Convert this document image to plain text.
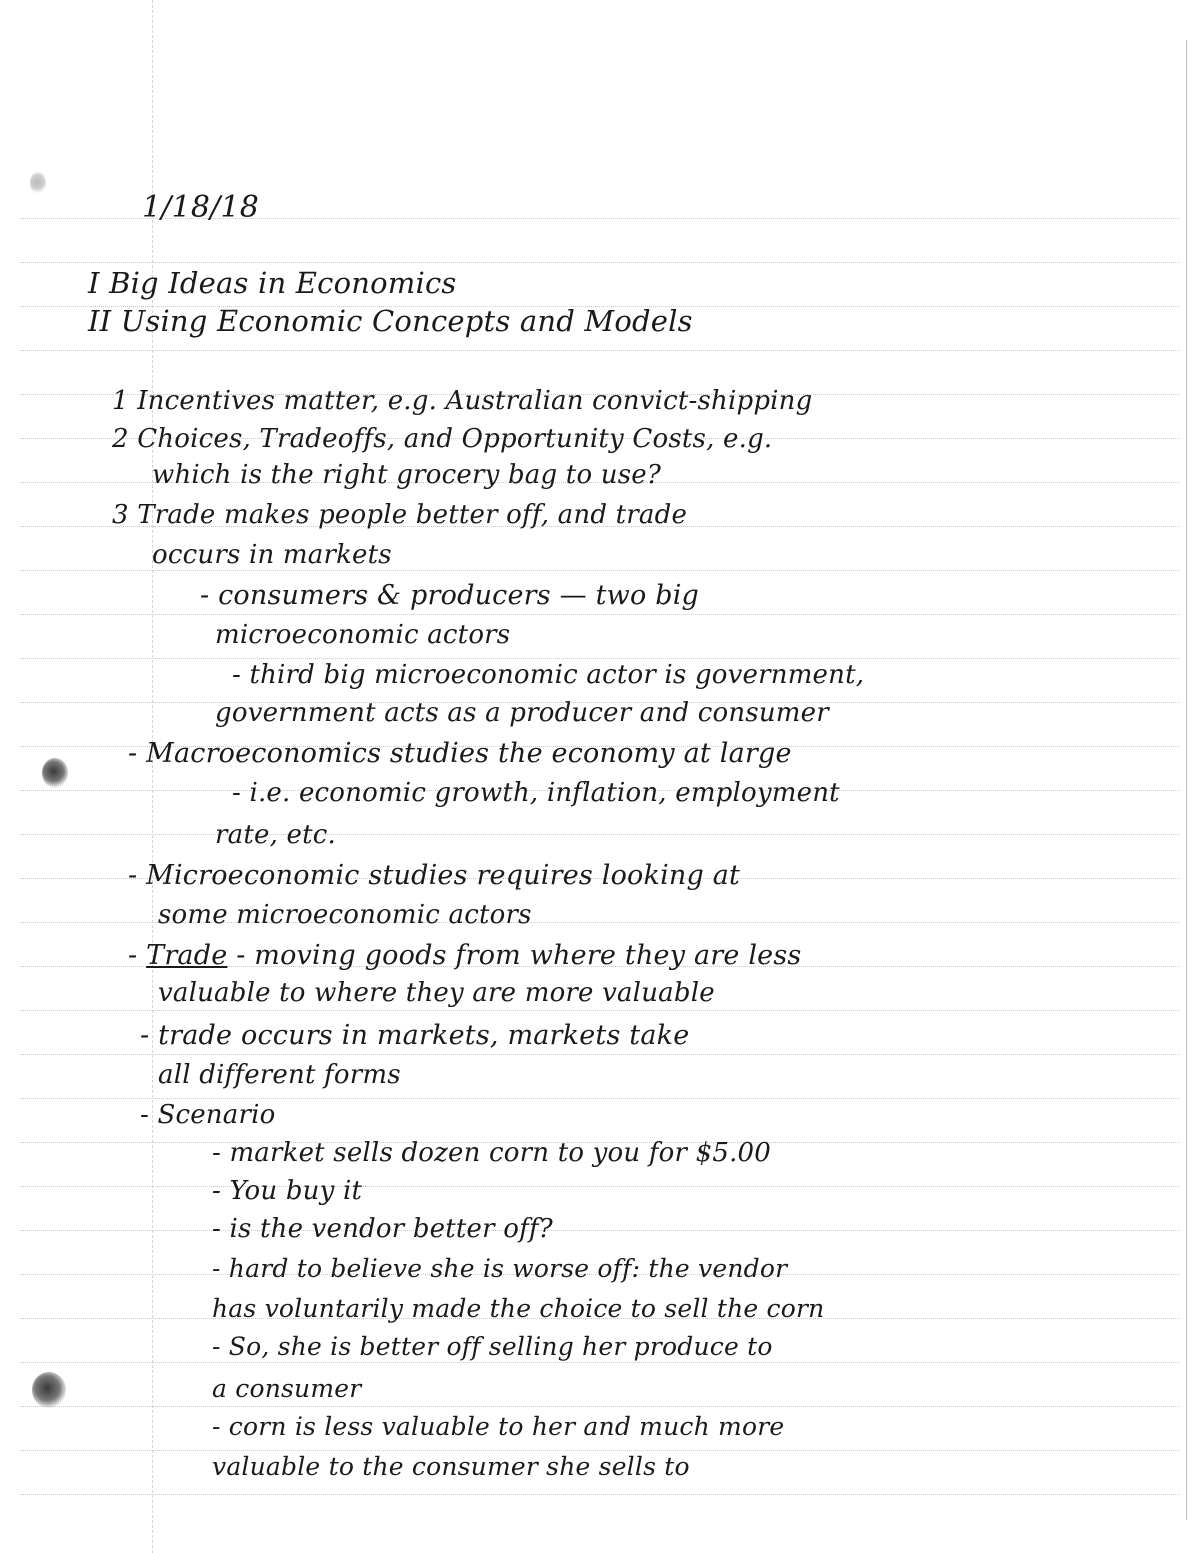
1/18/18
I Big Ideas in Economics
II Using Economic Concepts and Models
1 Incentives matter, e.g. Australian convict-shipping
2 Choices, Tradeoffs, and Opportunity Costs, e.g.
which is the right grocery bag to use?
3 Trade makes people better off, and trade
occurs in markets
- consumers & producers — two big
microeconomic actors
- third big microeconomic actor is government,
government acts as a producer and consumer
- Macroeconomics studies the economy at large
- i.e. economic growth, inflation, employment
rate, etc.
- Microeconomic studies requires looking at
some microeconomic actors
- Trade - moving goods from where they are less
valuable to where they are more valuable
- trade occurs in markets, markets take
all different forms
- Scenario
- market sells dozen corn to you for $5.00
- You buy it
- is the vendor better off?
- hard to believe she is worse off: the vendor
has voluntarily made the choice to sell the corn
- So, she is better off selling her produce to
a consumer
- corn is less valuable to her and much more
valuable to the consumer she sells to
